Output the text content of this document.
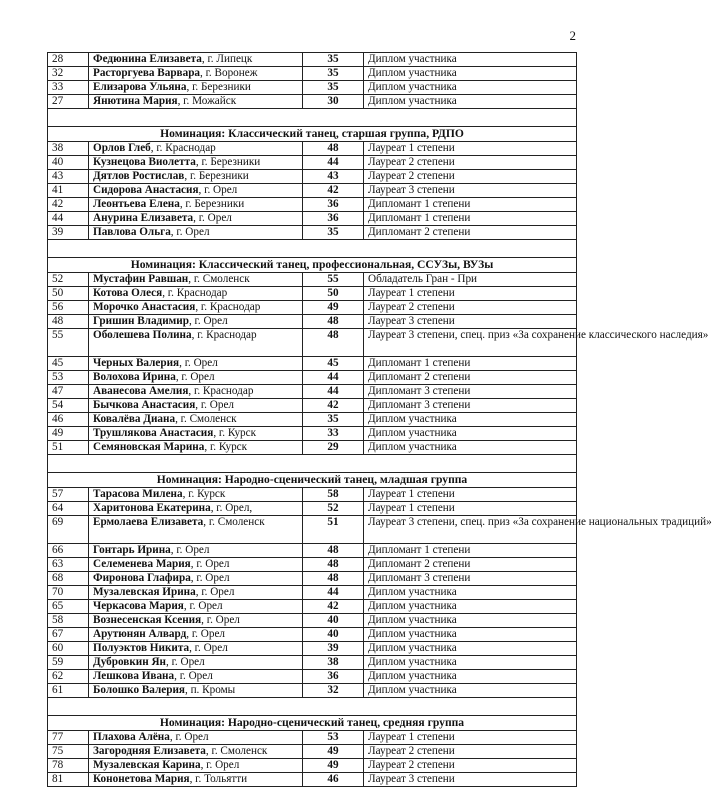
2
28	Федюнина Елизавета, г. Липецк	35	Диплом участника
32	Расторгуева Варвара, г. Воронеж	35	Диплом участника
33	Елизарова Ульяна, г. Березники	35	Диплом участника
27	Янютина Мария, г. Можайск	30	Диплом участника

Номинация: Классический танец, старшая группа, РДПО			
38	Орлов Глеб, г. Краснодар	48	Лауреат 1 степени
40	Кузнецова Виолетта, г. Березники	44	Лауреат 2 степени
43	Дятлов Ростислав, г. Березники	43	Лауреат 2 степени
41	Сидорова Анастасия, г. Орел	42	Лауреат 3 степени
42	Леонтьева Елена, г. Березники	36	Дипломант 1 степени
44	Анурина Елизавета, г. Орел	36	Дипломант 1 степени
39	Павлова Ольга, г. Орел	35	Дипломант 2 степени

Номинация: Классический танец, профессиональная, ССУЗы, ВУЗы			
52	Мустафин Равшан, г. Смоленск	55	Обладатель Гран - При
50	Котова Олеся, г. Краснодар	50	Лауреат 1 степени
56	Морочко Анастасия, г. Краснодар	49	Лауреат 2 степени
48	Гришин Владимир, г. Орел	48	Лауреат 3 степени
55	Оболешева Полина, г. Краснодар	48	Лауреат 3 степени, спец. приз «За сохранение классического наследия»
45	Черных Валерия, г. Орел	45	Дипломант 1 степени
53	Волохова Ирина, г. Орел	44	Дипломант 2 степени
47	Аванесова Амелия, г. Краснодар	44	Дипломант 3 степени
54	Бычкова Анастасия, г. Орел	42	Дипломант 3 степени
46	Ковалёва Диана, г. Смоленск	35	Диплом участника
49	Трушлякова Анастасия, г. Курск	33	Диплом участника
51	Семяновская Марина, г. Курск	29	Диплом участника

Номинация: Народно-сценический танец, младшая группа			
57	Тарасова Милена, г. Курск	58	Лауреат 1 степени
64	Харитонова Екатерина, г. Орел,	52	Лауреат 1 степени
69	Ермолаева Елизавета, г. Смоленск	51	Лауреат 3 степени, спец. приз «За сохранение национальных традиций»
66	Гонтарь Ирина, г. Орел	48	Дипломант 1 степени
63	Селеменева Мария, г. Орел	48	Дипломант 2 степени
68	Фиронова Глафира, г. Орел	48	Дипломант 3 степени
70	Музалевская Ирина, г. Орел	44	Диплом участника
65	Черкасова Мария, г. Орел	42	Диплом участника
58	Вознесенская Ксения, г. Орел	40	Диплом участника
67	Арутюнян Алвард, г. Орел	40	Диплом участника
60	Полуэктов Никита, г. Орел	39	Диплом участника
59	Дубровкин Ян, г. Орел	38	Диплом участника
62	Лешкова Ивана, г. Орел	36	Диплом участника
61	Болошко Валерия, п. Кромы	32	Диплом участника

Номинация: Народно-сценический танец, средняя группа			
77	Плахова Алёна, г. Орел	53	Лауреат 1 степени
75	Загородняя Елизавета, г. Смоленск	49	Лауреат 2 степени
78	Музалевская Карина, г. Орел	49	Лауреат 2 степени
81	Кононетова Мария, г. Тольятти	46	Лауреат 3 степени
